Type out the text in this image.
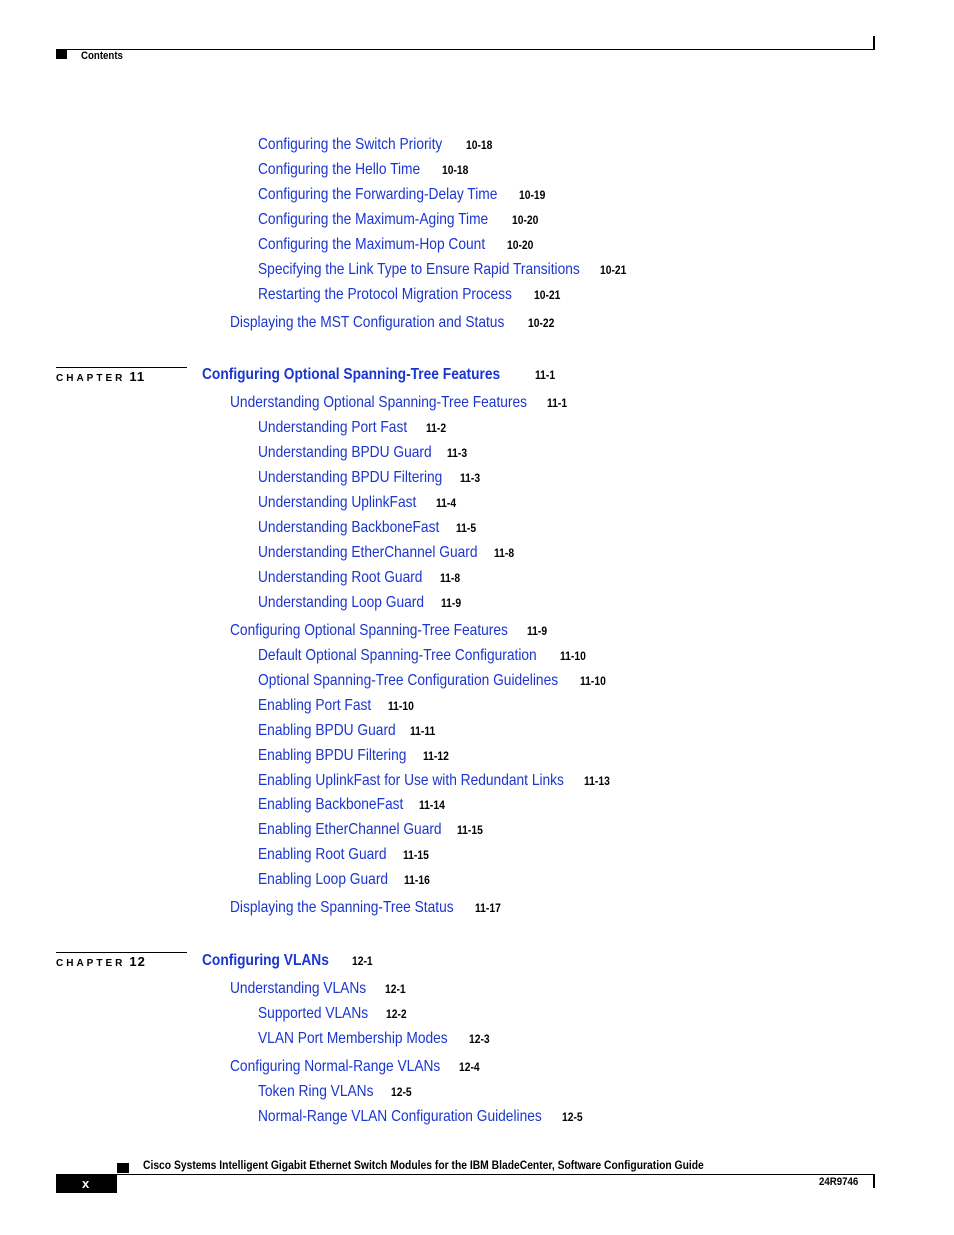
Contents
CHAPTER 11
CHAPTER 12
Configuring the Switch Priority 10-18
Configuring the Hello Time 10-18
Configuring the Forwarding-Delay Time 10-19
Configuring the Maximum-Aging Time 10-20
Configuring the Maximum-Hop Count 10-20
Specifying the Link Type to Ensure Rapid Transitions 10-21
Restarting the Protocol Migration Process 10-21
Displaying the MST Configuration and Status 10-22
Configuring Optional Spanning-Tree Features	11-1
Understanding Optional Spanning-Tree Features 11-1
Understanding Port Fast 11-2
Understanding BPDU Guard 11-3
Understanding BPDU Filtering 11-3
Understanding UplinkFast 11-4
Understanding BackboneFast 11-5
Understanding EtherChannel Guard 11-8
Understanding Root Guard 11-8
Understanding Loop Guard 11-9
Configuring Optional Spanning-Tree Features 11-9
Default Optional Spanning-Tree Configuration 11-10
Optional Spanning-Tree Configuration Guidelines 11-10
Enabling Port Fast 11-10
Enabling BPDU Guard 11-11
Enabling BPDU Filtering 11-12
Enabling UplinkFast for Use with Redundant Links 11-13
Enabling BackboneFast 11-14
Enabling EtherChannel Guard 11-15
Enabling Root Guard 11-15
Enabling Loop Guard 11-16
Displaying the Spanning-Tree Status 11-17
Configuring VLANs 12-1
Understanding VLANs 12-1
Supported VLANs 12-2
VLAN Port Membership Modes 12-3
Configuring Normal-Range VLANs 12-4
Token Ring VLANs 12-5
Normal-Range VLAN Configuration Guidelines 12-5
Cisco Systems Intelligent Gigabit Ethernet Switch Modules for the IBM BladeCenter, Software Configuration Guide
x	24R9746
